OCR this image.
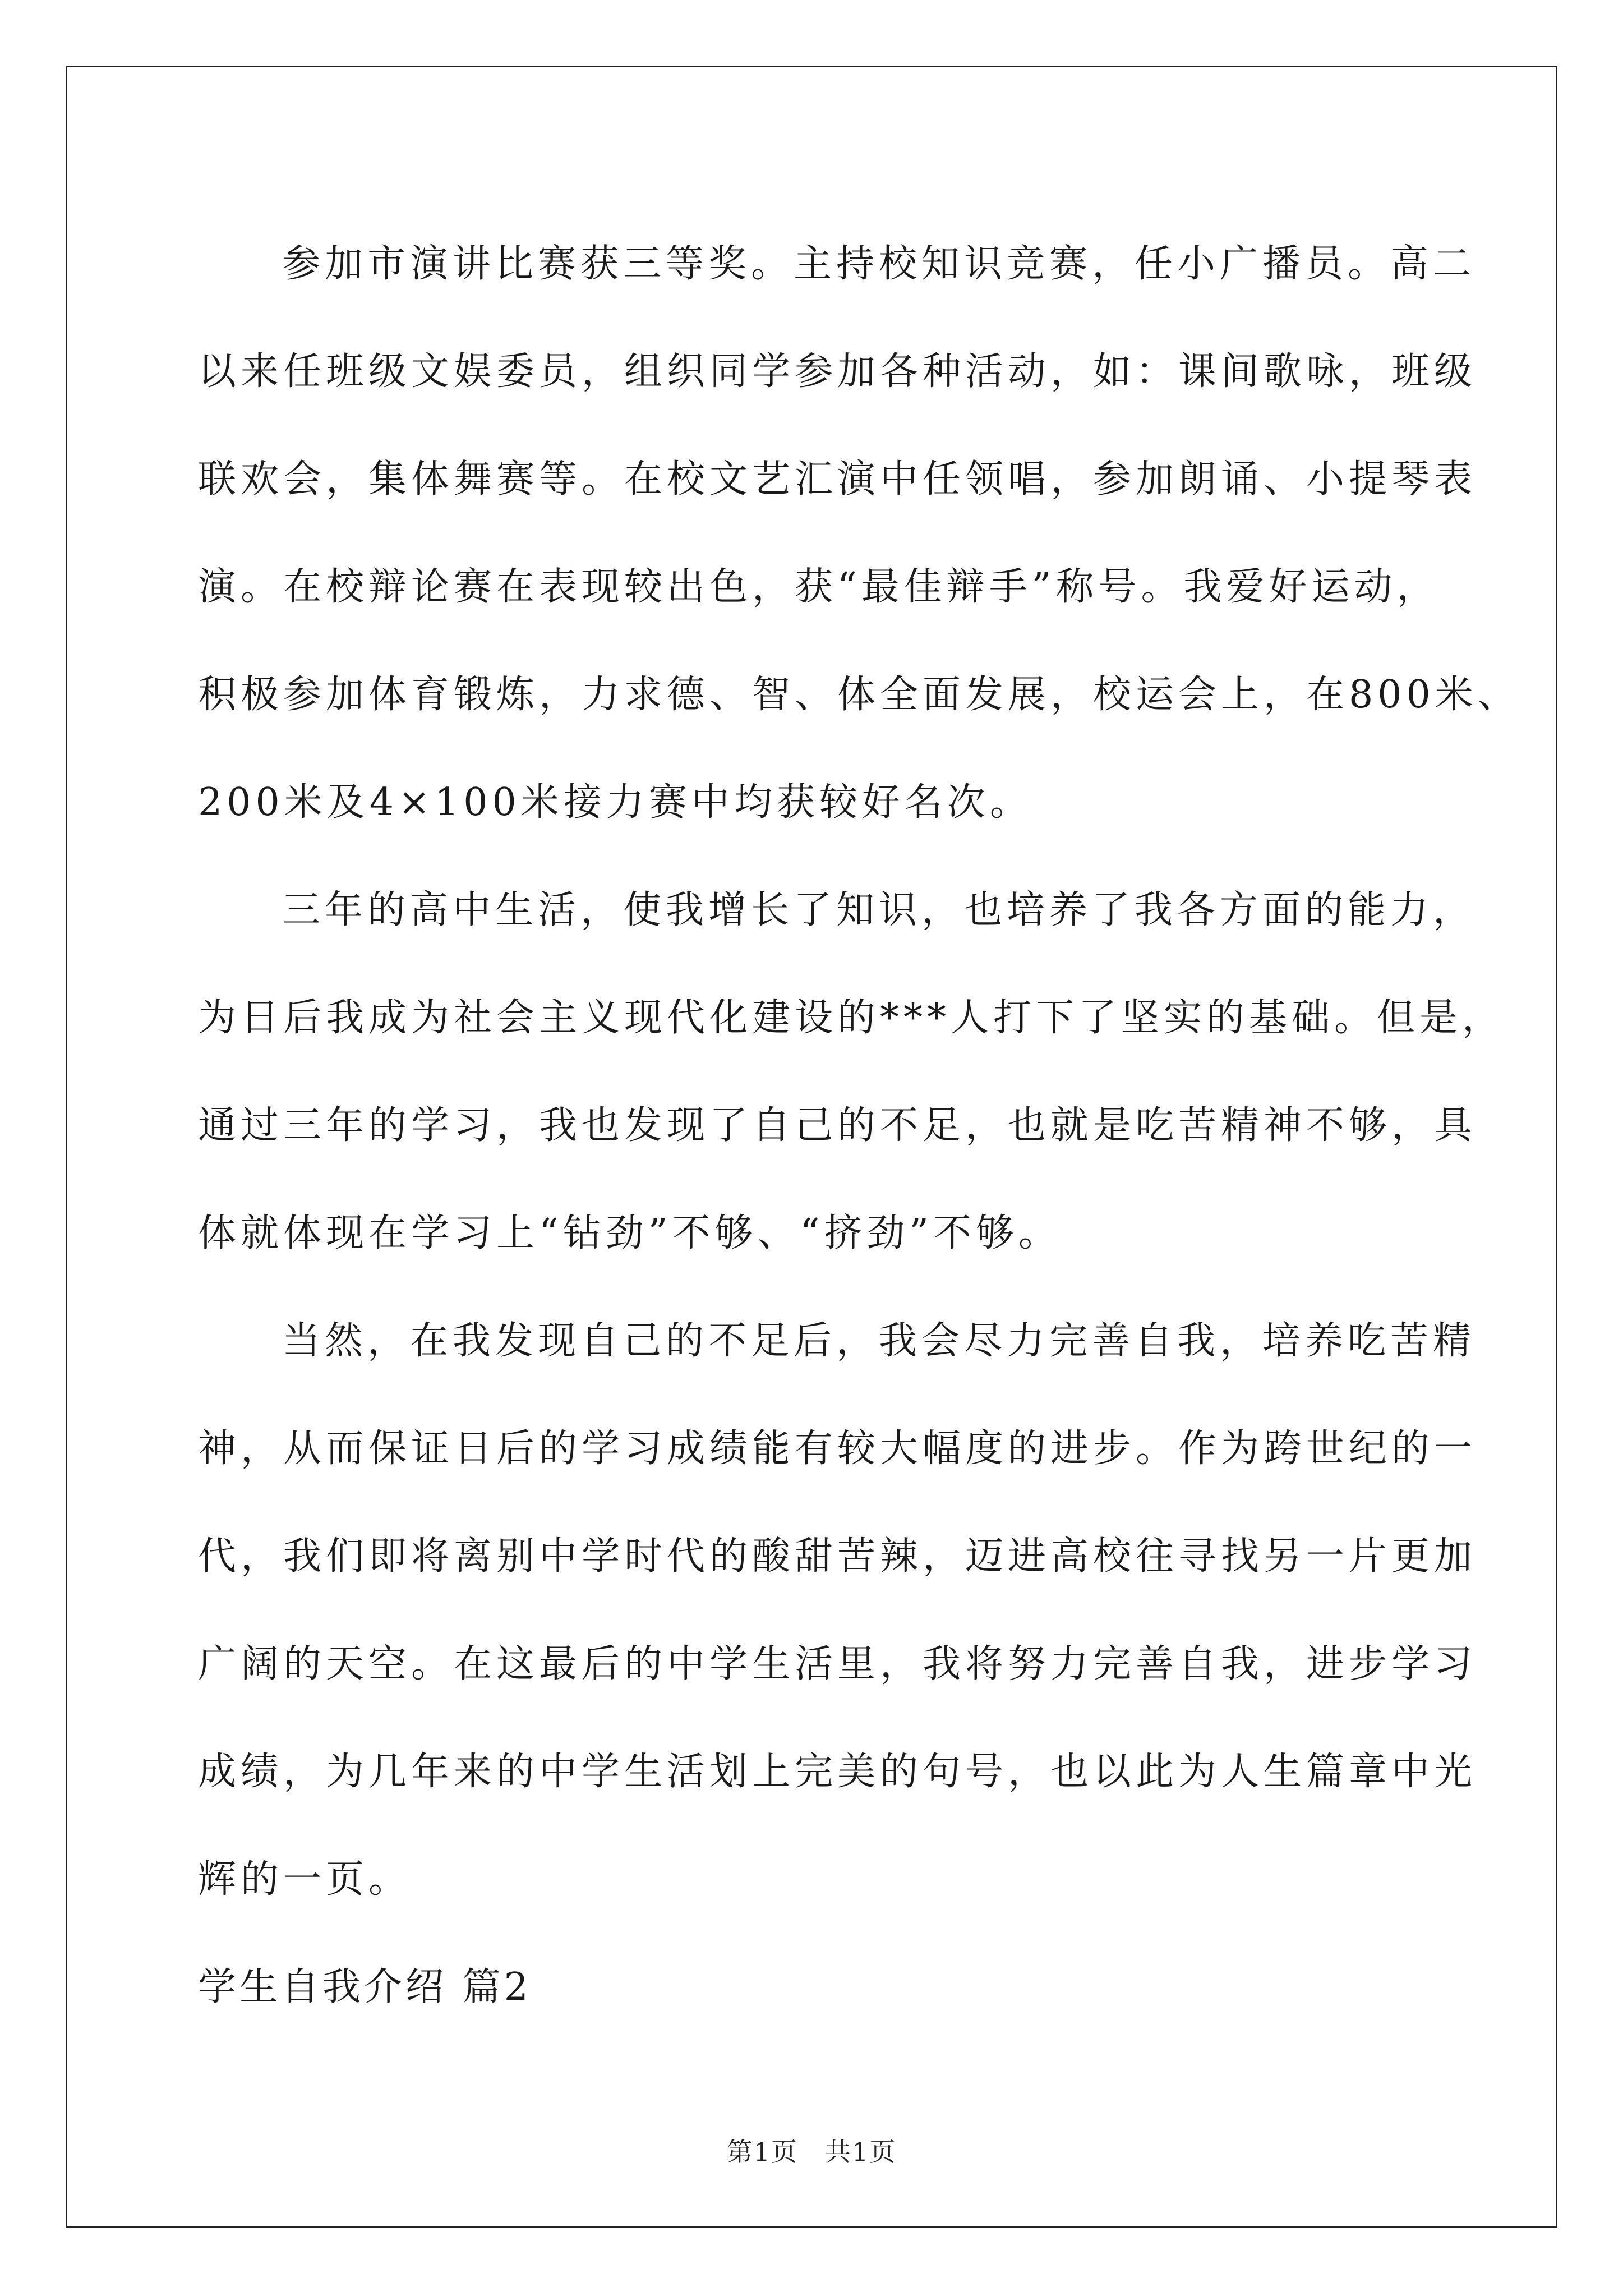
参加市演讲比赛获三等奖。主持校知识竞赛，任小广播员。高二
以来任班级文娱委员，组织同学参加各种活动，如：课间歌咏，班级
联欢会，集体舞赛等。在校文艺汇演中任领唱，参加朗诵、小提琴表
演。在校辩论赛在表现较出色，获“最佳辩手”称号。我爱好运动，
积极参加体育锻炼，力求德、智、体全面发展，校运会上，在800米、
200米及4×100米接力赛中均获较好名次。
三年的高中生活，使我增长了知识，也培养了我各方面的能力，
为日后我成为社会主义现代化建设的***人打下了坚实的基础。但是，
通过三年的学习，我也发现了自己的不足，也就是吃苦精神不够，具
体就体现在学习上“钻劲”不够、“挤劲”不够。
当然，在我发现自己的不足后，我会尽力完善自我，培养吃苦精
神，从而保证日后的学习成绩能有较大幅度的进步。作为跨世纪的一
代，我们即将离别中学时代的酸甜苦辣，迈进高校往寻找另一片更加
广阔的天空。在这最后的中学生活里，我将努力完善自我，进步学习
成绩，为几年来的中学生活划上完美的句号，也以此为人生篇章中光
辉的一页。
学生自我介绍 篇2
第1页　共1页
